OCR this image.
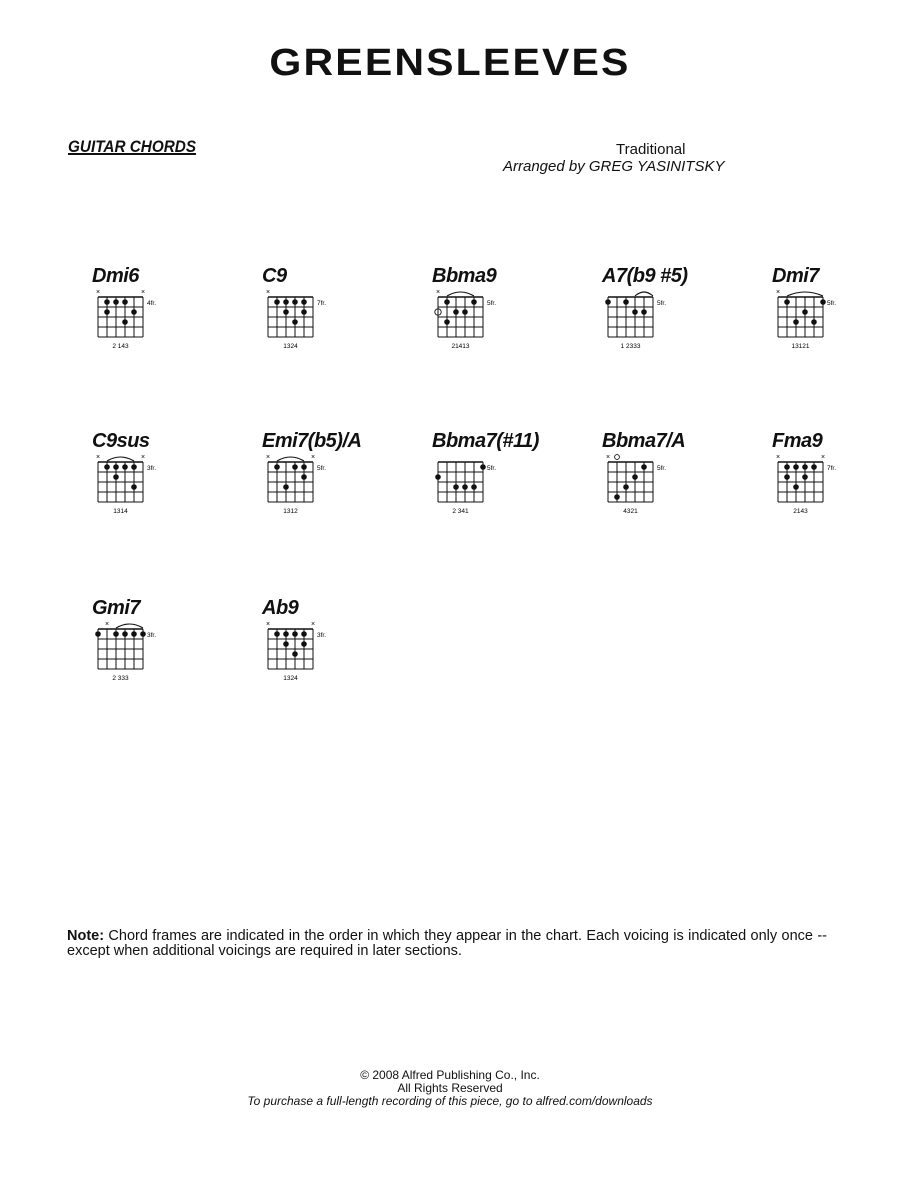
GREENSLEEVES
GUITAR CHORDS	Traditional
Arranged by GREG YASINITSKY
Dmi6
×	×
4fr.
2 143
C9
×
7fr.
1324
Bbma9
×
5fr.
21413
A7(b9 #5)
5fr.
1 2333
Dmi7
×
5fr.
13121
C9sus
×	×
3fr.
1314
Emi7(b5)/A
×	×
5fr.
1312
Bbma7(#11)
5fr.
2 341
Bbma7/A
×
5fr.
4321
Fma9
×	×
7fr.
2143
Gmi7
×
3fr.
2 333
Ab9
×	×
3fr.
1324
Note: Chord frames are indicated in the order in which they appear in the chart. Each voicing is indicated only once -- except when additional voicings are required in later sections.
© 2008 Alfred Publishing Co., Inc.
All Rights Reserved
To purchase a full-length recording of this piece, go to alfred.com/downloads
